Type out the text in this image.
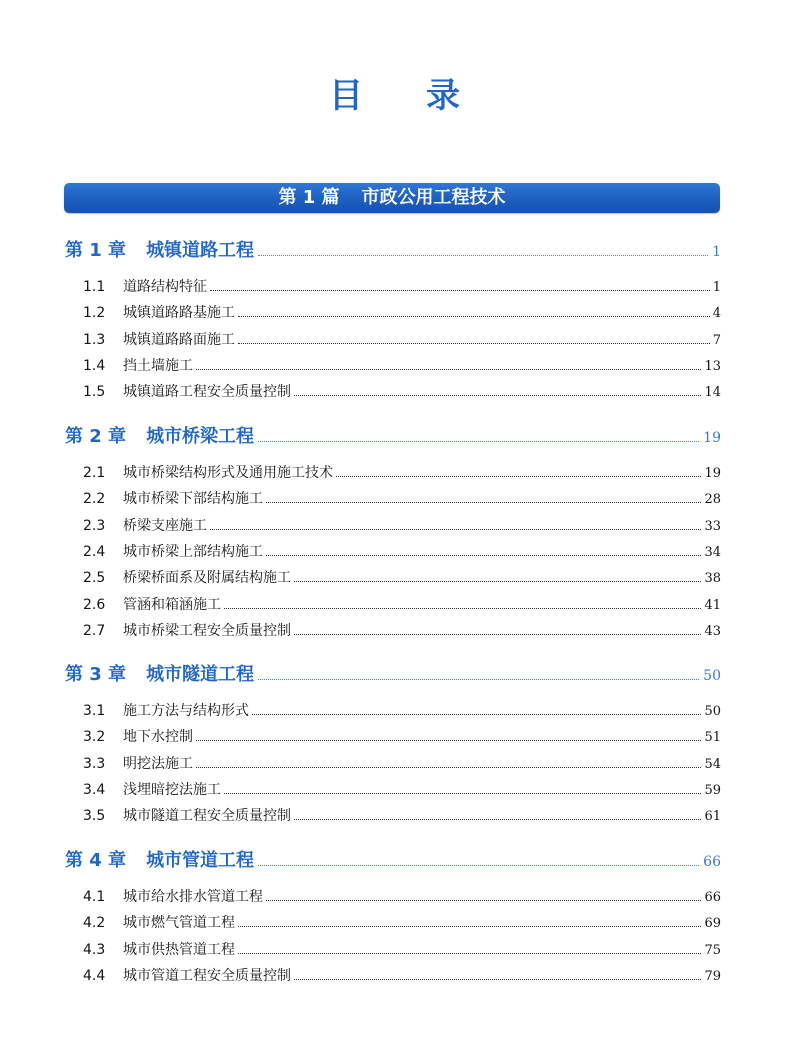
目 录
第 1 篇 市政公用工程技术
第 1 章 城镇道路工程	1
1.1	道路结构特征	1
1.2	城镇道路路基施工	4
1.3	城镇道路路面施工	7
1.4	挡土墙施工	13
1.5	城镇道路工程安全质量控制	14
第 2 章 城市桥梁工程	19
2.1	城市桥梁结构形式及通用施工技术	19
2.2	城市桥梁下部结构施工	28
2.3	桥梁支座施工	33
2.4	城市桥梁上部结构施工	34
2.5	桥梁桥面系及附属结构施工	38
2.6	管涵和箱涵施工	41
2.7	城市桥梁工程安全质量控制	43
第 3 章 城市隧道工程	50
3.1	施工方法与结构形式	50
3.2	地下水控制	51
3.3	明挖法施工	54
3.4	浅埋暗挖法施工	59
3.5	城市隧道工程安全质量控制	61
第 4 章 城市管道工程	66
4.1	城市给水排水管道工程	66
4.2	城市燃气管道工程	69
4.3	城市供热管道工程	75
4.4	城市管道工程安全质量控制	79
